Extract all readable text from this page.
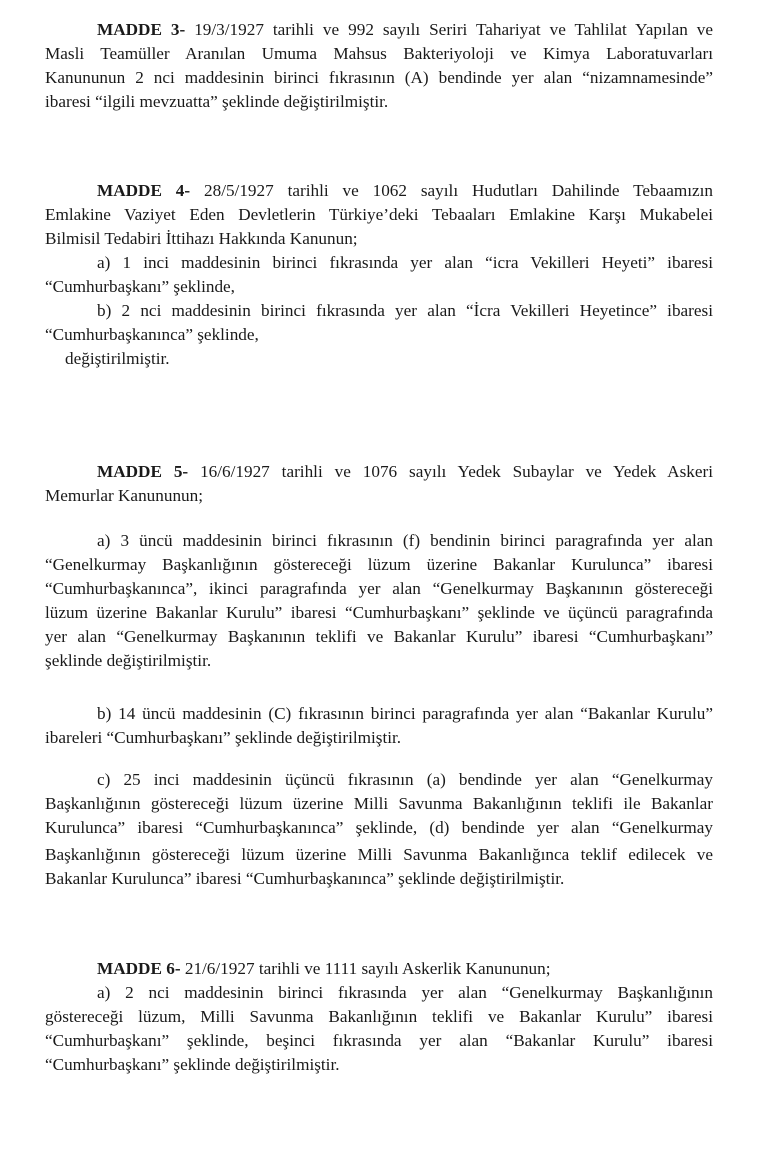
MADDE 3- 19/3/1927 tarihli ve 992 sayılı Seriri Tahariyat ve Tahlilat Yapılan ve
Masli Teamüller Aranılan Umuma Mahsus Bakteriyoloji ve Kimya Laboratuvarları
Kanununun 2 nci maddesinin birinci fıkrasının (A) bendinde yer alan “nizamnamesinde”
ibaresi “ilgili mevzuatta” şeklinde değiştirilmiştir.
MADDE 4- 28/5/1927 tarihli ve 1062 sayılı Hudutları Dahilinde Tebaamızın
Emlakine Vaziyet Eden Devletlerin Türkiye’deki Tebaaları Emlakine Karşı Mukabelei
Bilmisil Tedabiri İttihazı Hakkında Kanunun;
a) 1 inci maddesinin birinci fıkrasında yer alan “icra Vekilleri Heyeti” ibaresi
“Cumhurbaşkanı” şeklinde,
b) 2 nci maddesinin birinci fıkrasında yer alan “İcra Vekilleri Heyetince” ibaresi
“Cumhurbaşkanınca” şeklinde,
değiştirilmiştir.
MADDE 5- 16/6/1927 tarihli ve 1076 sayılı Yedek Subaylar ve Yedek Askeri
Memurlar Kanununun;
a) 3 üncü maddesinin birinci fıkrasının (f) bendinin birinci paragrafında yer alan
“Genelkurmay Başkanlığının göstereceği lüzum üzerine Bakanlar Kurulunca” ibaresi
“Cumhurbaşkanınca”, ikinci paragrafında yer alan “Genelkurmay Başkanının göstereceği
lüzum üzerine Bakanlar Kurulu” ibaresi “Cumhurbaşkanı” şeklinde ve üçüncü paragrafında
yer alan “Genelkurmay Başkanının teklifi ve Bakanlar Kurulu” ibaresi “Cumhurbaşkanı”
şeklinde değiştirilmiştir.
b) 14 üncü maddesinin (C) fıkrasının birinci paragrafında yer alan “Bakanlar Kurulu”
ibareleri “Cumhurbaşkanı” şeklinde değiştirilmiştir.
c) 25 inci maddesinin üçüncü fıkrasının (a) bendinde yer alan “Genelkurmay
Başkanlığının göstereceği lüzum üzerine Milli Savunma Bakanlığının teklifi ile Bakanlar
Kurulunca” ibaresi “Cumhurbaşkanınca” şeklinde, (d) bendinde yer alan “Genelkurmay
Başkanlığının göstereceği lüzum üzerine Milli Savunma Bakanlığınca teklif edilecek ve
Bakanlar Kurulunca” ibaresi “Cumhurbaşkanınca” şeklinde değiştirilmiştir.
MADDE 6- 21/6/1927 tarihli ve 1111 sayılı Askerlik Kanununun;
a) 2 nci maddesinin birinci fıkrasında yer alan “Genelkurmay Başkanlığının
göstereceği lüzum, Milli Savunma Bakanlığının teklifi ve Bakanlar Kurulu” ibaresi
“Cumhurbaşkanı” şeklinde, beşinci fıkrasında yer alan “Bakanlar Kurulu” ibaresi
“Cumhurbaşkanı” şeklinde değiştirilmiştir.
